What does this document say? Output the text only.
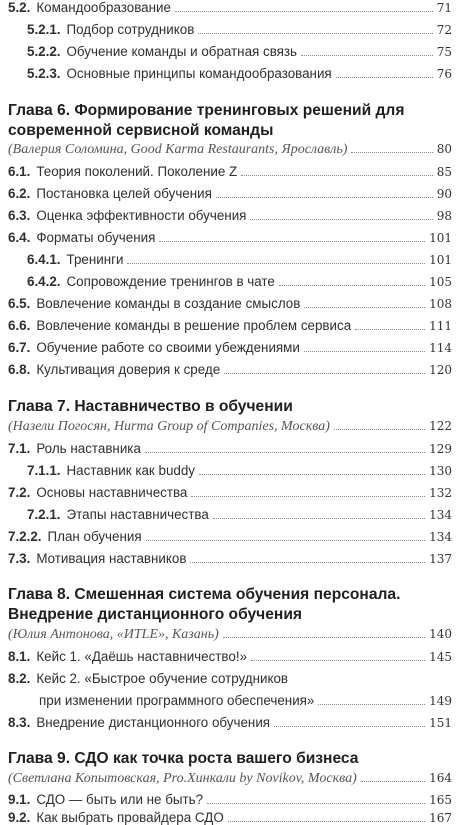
5.2. Командообразование	71
5.2.1. Подбор сотрудников	72
5.2.2. Обучение команды и обратная связь	75
5.2.3. Основные принципы командообразования	76
Глава 6. Формирование тренинговых решений для
современной сервисной команды
(Валерия Соломина, Good Karma Restaurants, Ярославль)	80
6.1. Теория поколений. Поколение Z	85
6.2. Постановка целей обучения	90
6.3. Оценка эффективности обучения	98
6.4. Форматы обучения	101
6.4.1. Тренинги	101
6.4.2. Сопровождение тренингов в чате	105
6.5. Вовлечение команды в создание смыслов	108
6.6. Вовлечение команды в решение проблем сервиса	111
6.7. Обучение работе со своими убеждениями	114
6.8. Культивация доверия к среде	120
Глава 7. Наставничество в обучении
(Назели Погосян, Hurma Group of Companies, Москва)	122
7.1. Роль наставника	129
7.1.1. Наставник как buddy	130
7.2. Основы наставничества	132
7.2.1. Этапы наставничества	134
7.2.2. План обучения	134
7.3. Мотивация наставников	137
Глава 8. Смешенная система обучения персонала.
Внедрение дистанционного обучения
(Юлия Антонова, «ИТLE», Казань)	140
8.1. Кейс 1. «Даёшь наставничество!»	145
8.2. Кейс 2. «Быстрое обучение сотрудников
при изменении программного обеспечения»	149
8.3. Внедрение дистанционного обучения	151
Глава 9. СДО как точка роста вашего бизнеса
(Светлана Копытовская, Pro.Хинкали by Novikov, Москва)	164
9.1. СДО — быть или не быть?	165
9.2. Как выбрать провайдера СДО	167
